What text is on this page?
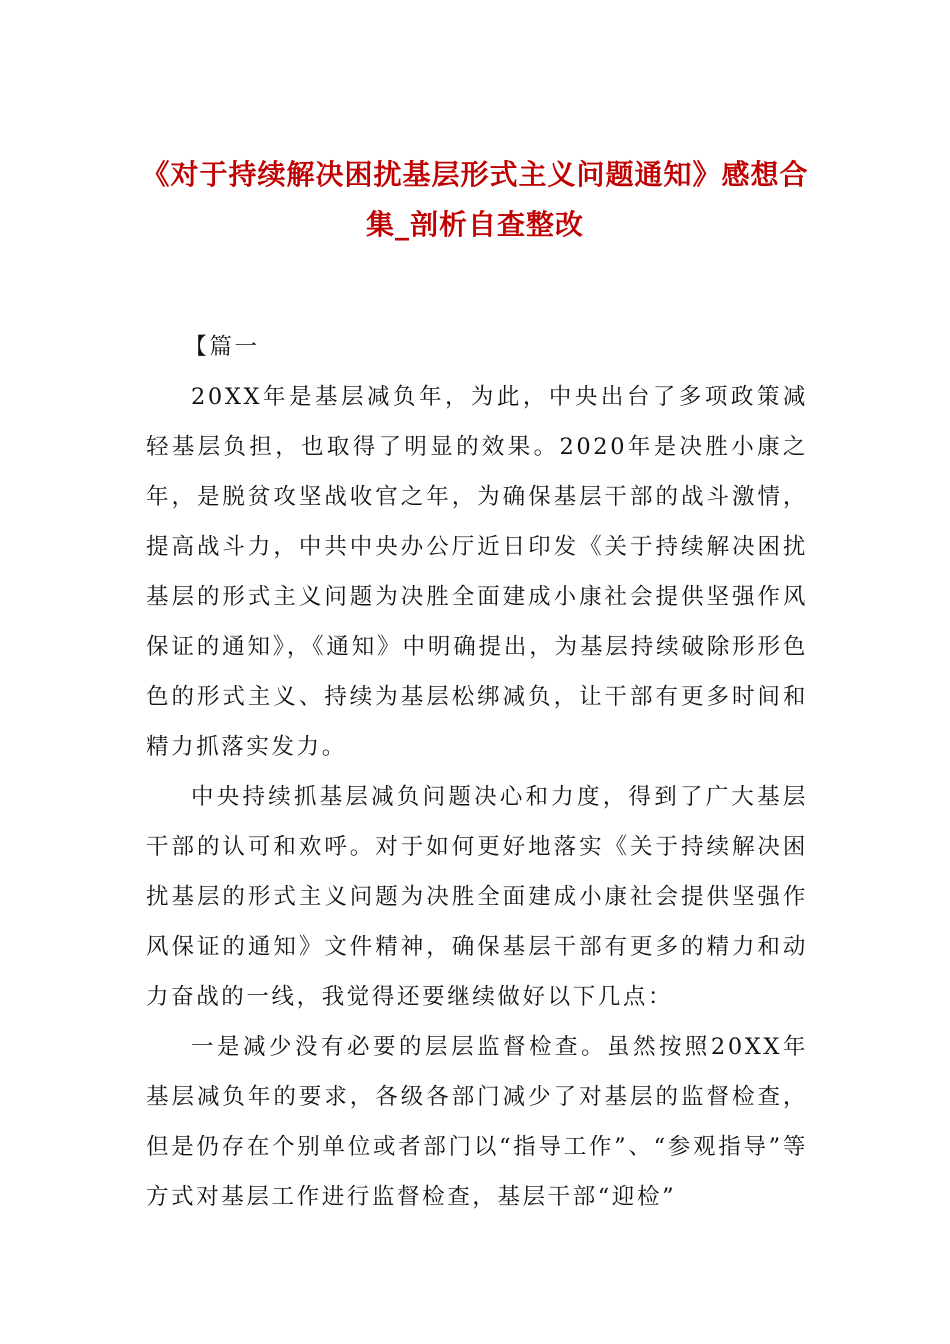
《对于持续解决困扰基层形式主义问题通知》感想合集_剖析自查整改

【篇一

20XX年是基层减负年，为此，中央出台了多项政策减轻基层负担，也取得了明显的效果。2020年是决胜小康之年，是脱贫攻坚战收官之年，为确保基层干部的战斗激情，提高战斗力，中共中央办公厅近日印发《关于持续解决困扰基层的形式主义问题为决胜全面建成小康社会提供坚强作风保证的通知》，《通知》中明确提出，为基层持续破除形形色色的形式主义、持续为基层松绑减负，让干部有更多时间和精力抓落实发力。

中央持续抓基层减负问题决心和力度，得到了广大基层干部的认可和欢呼。对于如何更好地落实《关于持续解决困扰基层的形式主义问题为决胜全面建成小康社会提供坚强作风保证的通知》文件精神，确保基层干部有更多的精力和动力奋战的一线，我觉得还要继续做好以下几点：

一是减少没有必要的层层监督检查。虽然按照20XX年基层减负年的要求，各级各部门减少了对基层的监督检查，但是仍存在个别单位或者部门以“指导工作”、“参观指导”等方式对基层工作进行监督检查，基层干部“迎检”
